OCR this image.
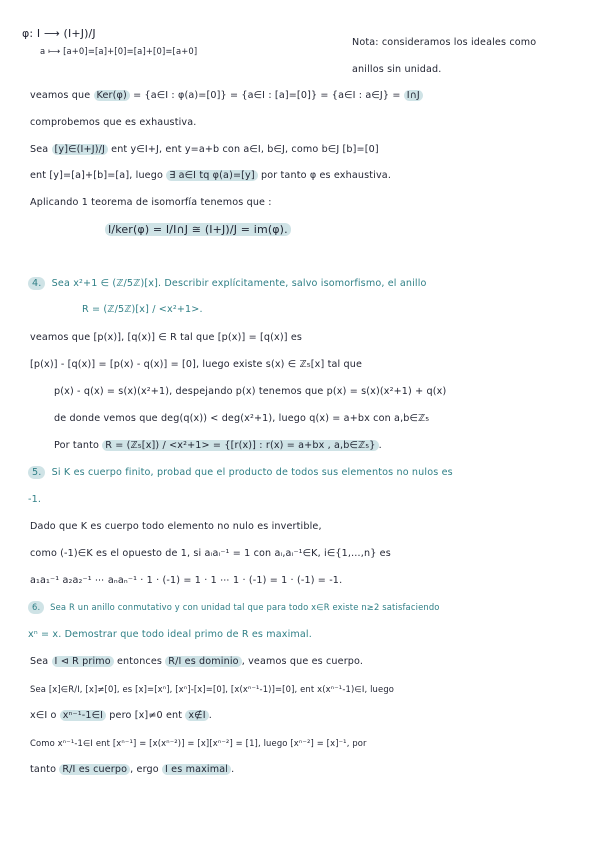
φ: I ⟶ (I+J)/J
a ⟼ [a+0]=[a]+[0]=[a]+[0]=[a+0]
Nota: consideramos los ideales como
anillos sin unidad.
veamos que Ker(φ) = {a∈I : φ(a)=[0]} = {a∈I : [a]=[0]} = {a∈I : a∈J} = I∩J
comprobemos que es exhaustiva.
Sea [y]∈(I+J)/J ent y∈I+J, ent y=a+b con a∈I, b∈J, como b∈J [b]=[0]
ent [y]=[a]+[b]=[a], luego ∃ a∈I tq φ(a)=[y] por tanto φ es exhaustiva.
Aplicando 1 teorema de isomorfía tenemos que :
I/ker(φ) = I/I∩J ≅ (I+J)/J = im(φ).
4. Sea x²+1 ∈ (ℤ/5ℤ)[x]. Describir explícitamente, salvo isomorfismo, el anillo
R = (ℤ/5ℤ)[x] / <x²+1>.
veamos que [p(x)], [q(x)] ∈ R tal que [p(x)] = [q(x)] es
[p(x)] - [q(x)] = [p(x) - q(x)] = [0], luego existe s(x) ∈ ℤ₅[x] tal que
p(x) - q(x) = s(x)(x²+1), despejando p(x) tenemos que p(x) = s(x)(x²+1) + q(x)
de donde vemos que deg(q(x)) < deg(x²+1), luego q(x) = a+bx con a,b∈ℤ₅
Por tanto R = (ℤ₅[x]) / <x²+1> = {[r(x)] : r(x) = a+bx , a,b∈ℤ₅} .
5. Si K es cuerpo finito, probad que el producto de todos sus elementos no nulos es
-1.
Dado que K es cuerpo todo elemento no nulo es invertible,
como (-1)∈K es el opuesto de 1, si aᵢaᵢ⁻¹ = 1 con aᵢ,aᵢ⁻¹∈K, i∈{1,…,n} es
a₁a₁⁻¹ a₂a₂⁻¹ ⋯ aₙaₙ⁻¹ · 1 · (-1) = 1 · 1 ⋯ 1 · (-1) = 1 · (-1) = -1.
6. Sea R un anillo conmutativo y con unidad tal que para todo x∈R existe n≥2 satisfaciendo
xⁿ = x. Demostrar que todo ideal primo de R es maximal.
Sea I ⊲ R primo entonces R/I es dominio , veamos que es cuerpo.
Sea [x]∈R/I, [x]≠[0], es [x]=[xⁿ], [xⁿ]-[x]=[0], [x(xⁿ⁻¹-1)]=[0], ent x(xⁿ⁻¹-1)∈I, luego
x∈I o xⁿ⁻¹-1∈I pero [x]≠0 ent x∉I .
Como xⁿ⁻¹-1∈I ent [xⁿ⁻¹] = [x(xⁿ⁻²)] = [x][xⁿ⁻²] = [1], luego [xⁿ⁻²] = [x]⁻¹, por
tanto R/I es cuerpo , ergo I es maximal .
